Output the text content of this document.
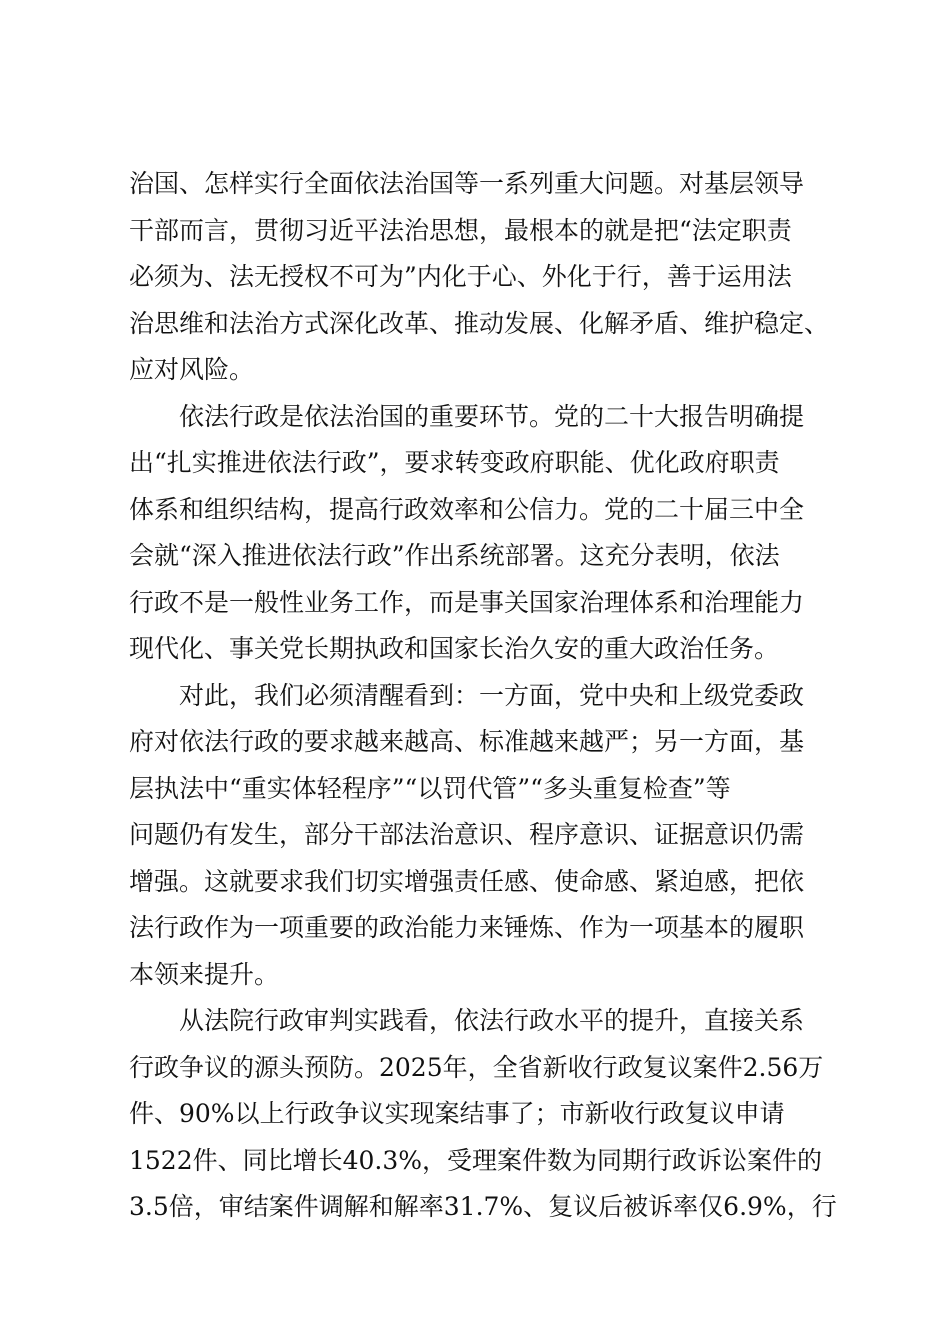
治国、怎样实行全面依法治国等一系列重大问题。对基层领导
干部而言，贯彻习近平法治思想，最根本的就是把“法定职责
必须为、法无授权不可为”内化于心、外化于行，善于运用法
治思维和法治方式深化改革、推动发展、化解矛盾、维护稳定、
应对风险。
依法行政是依法治国的重要环节。党的二十大报告明确提
出“扎实推进依法行政”，要求转变政府职能、优化政府职责
体系和组织结构，提高行政效率和公信力。党的二十届三中全
会就“深入推进依法行政”作出系统部署。这充分表明，依法
行政不是一般性业务工作，而是事关国家治理体系和治理能力
现代化、事关党长期执政和国家长治久安的重大政治任务。
对此，我们必须清醒看到：一方面，党中央和上级党委政
府对依法行政的要求越来越高、标准越来越严；另一方面，基
层执法中“重实体轻程序”“以罚代管”“多头重复检查”等
问题仍有发生，部分干部法治意识、程序意识、证据意识仍需
增强。这就要求我们切实增强责任感、使命感、紧迫感，把依
法行政作为一项重要的政治能力来锤炼、作为一项基本的履职
本领来提升。
从法院行政审判实践看，依法行政水平的提升，直接关系
行政争议的源头预防。2025年，全省新收行政复议案件2.56万
件、90%以上行政争议实现案结事了；市新收行政复议申请
1522件、同比增长40.3%，受理案件数为同期行政诉讼案件的
3.5倍，审结案件调解和解率31.7%、复议后被诉率仅6.9%，行
